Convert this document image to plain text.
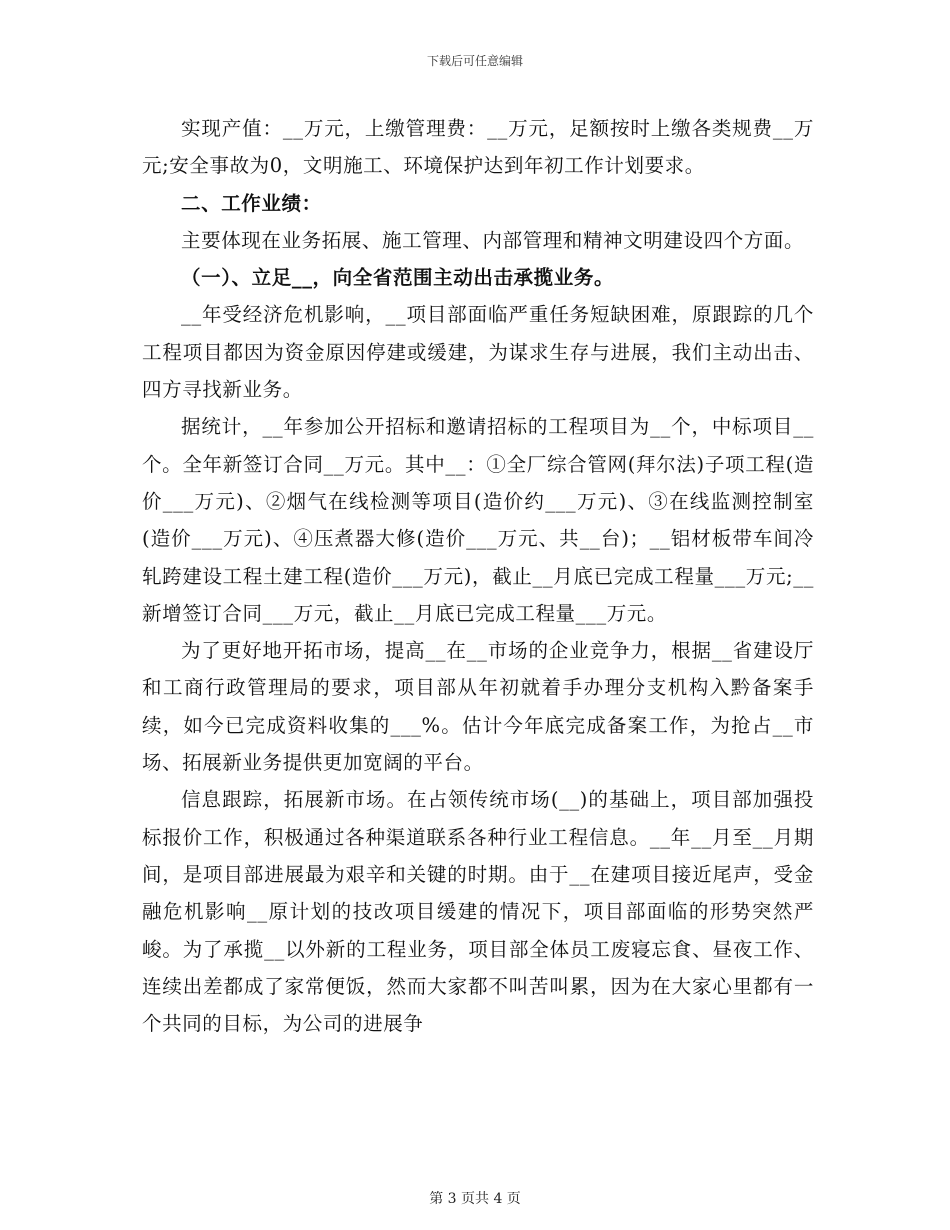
下载后可任意编辑

实现产值：__万元，上缴管理费：__万元，足额按时上缴各类规费__万元;安全事故为0，文明施工、环境保护达到年初工作计划要求。

二、工作业绩：

主要体现在业务拓展、施工管理、内部管理和精神文明建设四个方面。

（一）、立足__，向全省范围主动出击承揽业务。

__年受经济危机影响，__项目部面临严重任务短缺困难，原跟踪的几个工程项目都因为资金原因停建或缓建，为谋求生存与进展，我们主动出击、四方寻找新业务。

据统计，__年参加公开招标和邀请招标的工程项目为__个，中标项目__个。全年新签订合同__万元。其中__：①全厂综合管网(拜尔法)子项工程(造价___万元)、②烟气在线检测等项目(造价约___万元)、③在线监测控制室(造价___万元)、④压煮器大修(造价___万元、共__台)；__铝材板带车间冷轧跨建设工程土建工程(造价___万元)，截止__月底已完成工程量___万元;__新增签订合同___万元，截止__月底已完成工程量___万元。

为了更好地开拓市场，提高__在__市场的企业竞争力，根据__省建设厅和工商行政管理局的要求，项目部从年初就着手办理分支机构入黔备案手续，如今已完成资料收集的___%。估计今年底完成备案工作，为抢占__市场、拓展新业务提供更加宽阔的平台。

信息跟踪，拓展新市场。在占领传统市场(__)的基础上，项目部加强投标报价工作，积极通过各种渠道联系各种行业工程信息。__年__月至__月期间，是项目部进展最为艰辛和关键的时期。由于__在建项目接近尾声，受金融危机影响__原计划的技改项目缓建的情况下，项目部面临的形势突然严峻。为了承揽__以外新的工程业务，项目部全体员工废寝忘食、昼夜工作、连续出差都成了家常便饭，然而大家都不叫苦叫累，因为在大家心里都有一个共同的目标，为公司的进展争

第 3 页共 4 页
